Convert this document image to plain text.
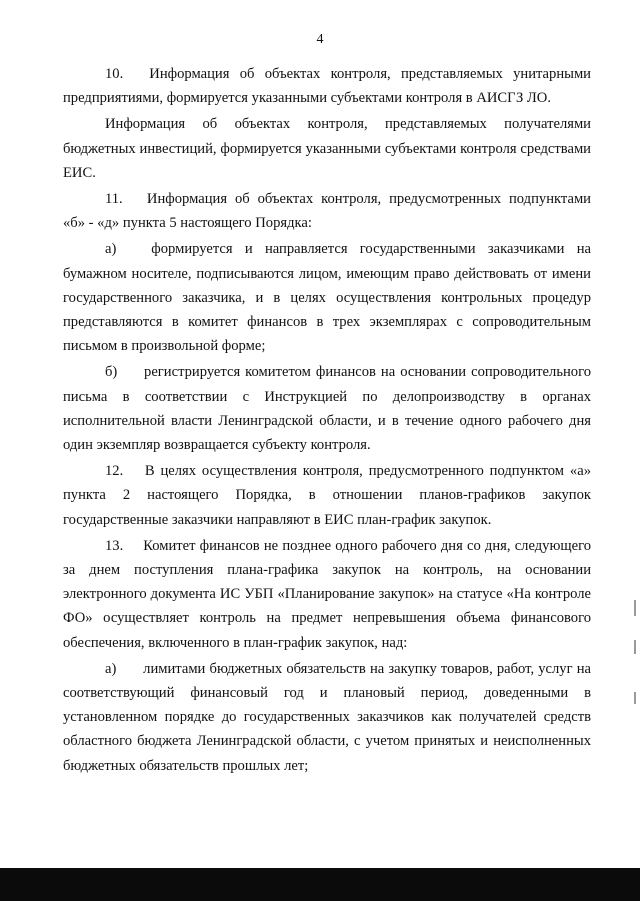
4

10. Информация об объектах контроля, представляемых унитарными предприятиями, формируется указанными субъектами контроля в АИСГЗ ЛО.

Информация об объектах контроля, представляемых получателями бюджетных инвестиций, формируется указанными субъектами контроля средствами ЕИС.

11. Информация об объектах контроля, предусмотренных подпунктами «б» - «д» пункта 5 настоящего Порядка:

а) формируется и направляется государственными заказчиками на бумажном носителе, подписываются лицом, имеющим право действовать от имени государственного заказчика, и в целях осуществления контрольных процедур представляются в комитет финансов в трех экземплярах с сопроводительным письмом в произвольной форме;

б) регистрируется комитетом финансов на основании сопроводительного письма в соответствии с Инструкцией по делопроизводству в органах исполнительной власти Ленинградской области, и в течение одного рабочего дня один экземпляр возвращается субъекту контроля.

12. В целях осуществления контроля, предусмотренного подпунктом «а» пункта 2 настоящего Порядка, в отношении планов-графиков закупок государственные заказчики направляют в ЕИС план-график закупок.

13. Комитет финансов не позднее одного рабочего дня со дня, следующего за днем поступления плана-графика закупок на контроль, на основании электронного документа ИС УБП «Планирование закупок» на статусе «На контроле ФО» осуществляет контроль на предмет непревышения объема финансового обеспечения, включенного в план-график закупок, над:

а) лимитами бюджетных обязательств на закупку товаров, работ, услуг на соответствующий финансовый год и плановый период, доведенными в установленном порядке до государственных заказчиков как получателей средств областного бюджета Ленинградской области, с учетом принятых и неисполненных бюджетных обязательств прошлых лет;
